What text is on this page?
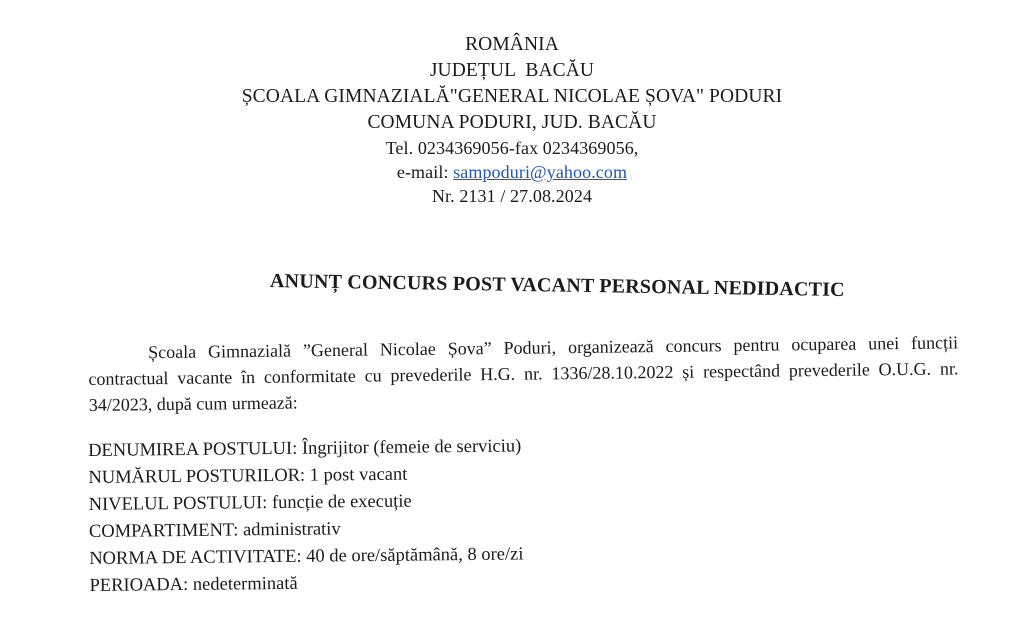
ROMÂNIA
JUDEȚUL  BACĂU
ȘCOALA GIMNAZIALĂ"GENERAL NICOLAE ȘOVA" PODURI
COMUNA PODURI, JUD. BACĂU
Tel. 0234369056-fax 0234369056,
e-mail: sampoduri@yahoo.com
Nr. 2131 / 27.08.2024
ANUNȚ CONCURS POST VACANT PERSONAL NEDIDACTIC
Școala Gimnazială ”General Nicolae Șova” Poduri, organizează concurs pentru ocuparea unei funcții contractual vacante în conformitate cu prevederile H.G. nr. 1336/28.10.2022 și respectând prevederile O.U.G. nr. 34/2023, după cum urmează:
DENUMIREA POSTULUI: Îngrijitor (femeie de serviciu)
NUMĂRUL POSTURILOR: 1 post vacant
NIVELUL POSTULUI: funcție de execuție
COMPARTIMENT: administrativ
NORMA DE ACTIVITATE: 40 de ore/săptămână, 8 ore/zi
PERIOADA: nedeterminată
